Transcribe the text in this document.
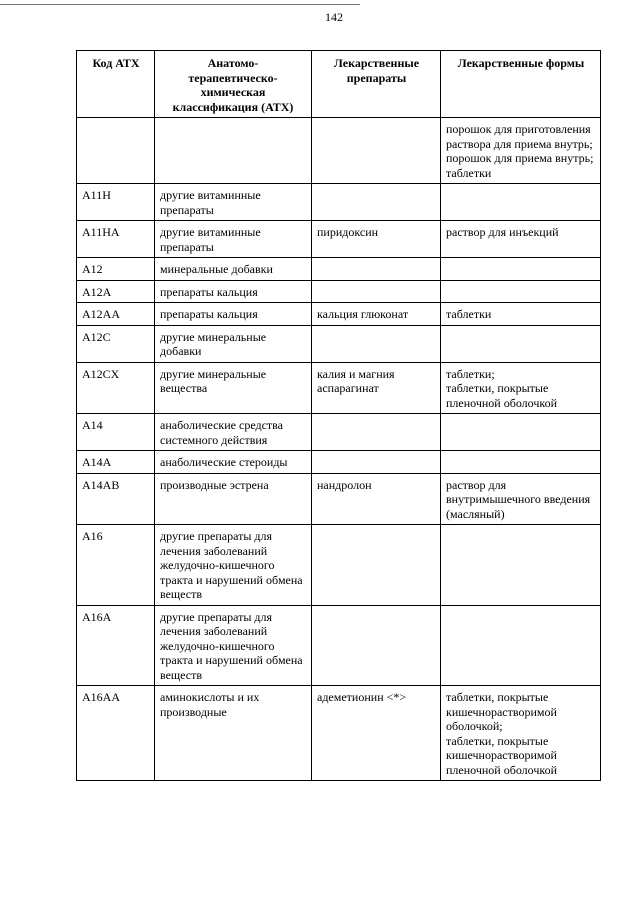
142
Код АТХ	Анатомо-терапевтическо-химическая классификация (АТХ)	Лекарственные препараты	Лекарственные формы
			порошок для приготовления раствора для приема внутрь;
порошок для приема внутрь;
таблетки
A11H	другие витаминные препараты		
A11HA	другие витаминные препараты	пиридоксин	раствор для инъекций
A12	минеральные добавки		
A12A	препараты кальция		
A12AA	препараты кальция	кальция глюконат	таблетки
A12C	другие минеральные добавки		
A12CX	другие минеральные вещества	калия и магния аспарагинат	таблетки;
таблетки, покрытые пленочной оболочкой
A14	анаболические средства системного действия		
A14A	анаболические стероиды		
A14AB	производные эстрена	нандролон	раствор для внутримышечного введения (масляный)
A16	другие препараты для лечения заболеваний желудочно-кишечного тракта и нарушений обмена веществ		
A16A	другие препараты для лечения заболеваний желудочно-кишечного тракта и нарушений обмена веществ		
A16AA	аминокислоты и их производные	адеметионин <*>	таблетки, покрытые кишечнорастворимой оболочкой;
таблетки, покрытые кишечнорастворимой пленочной оболочкой
